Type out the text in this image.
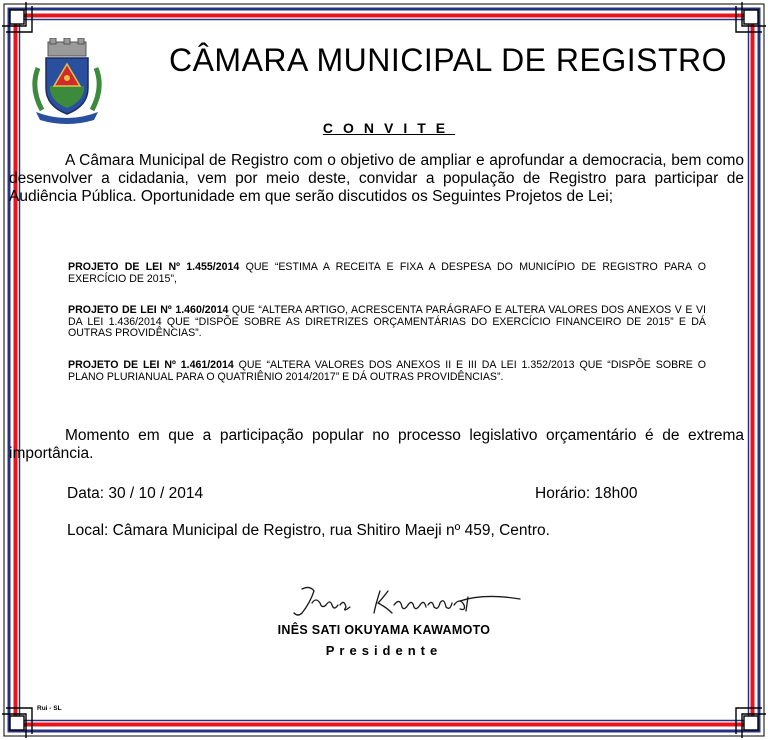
CÂMARA MUNICIPAL DE REGISTRO
CONVITE

A Câmara Municipal de Registro com o objetivo de ampliar e aprofundar a democracia, bem como desenvolver a cidadania, vem por meio deste, convidar a população de Registro para participar de Audiência Pública. Oportunidade em que serão discutidos os Seguintes Projetos de Lei;

PROJETO DE LEI Nº 1.455/2014 QUE “ESTIMA A RECEITA E FIXA A DESPESA DO MUNICÍPIO DE REGISTRO PARA O EXERCÍCIO DE 2015”,

PROJETO DE LEI Nº 1.460/2014 QUE “ALTERA ARTIGO, ACRESCENTA PARÁGRAFO E ALTERA VALORES DOS ANEXOS V E VI DA LEI 1.436/2014 QUE “DISPÕE SOBRE AS DIRETRIZES ORÇAMENTÁRIAS DO EXERCÍCIO FINANCEIRO DE 2015” E DÁ OUTRAS PROVIDÊNCIAS”.

PROJETO DE LEI Nº 1.461/2014 QUE “ALTERA VALORES DOS ANEXOS II E III DA LEI 1.352/2013 QUE “DISPÕE SOBRE O PLANO PLURIANUAL PARA O QUATRIÊNIO 2014/2017” E DÁ OUTRAS PROVIDÊNCIAS”.

Momento em que a participação popular no processo legislativo orçamentário é de extrema importância.

Data: 30 / 10 / 2014	Horário: 18h00

Local: Câmara Municipal de Registro, rua Shitiro Maeji nº 459, Centro.

INÊS SATI OKUYAMA KAWAMOTO
Presidente
Rui - SL
